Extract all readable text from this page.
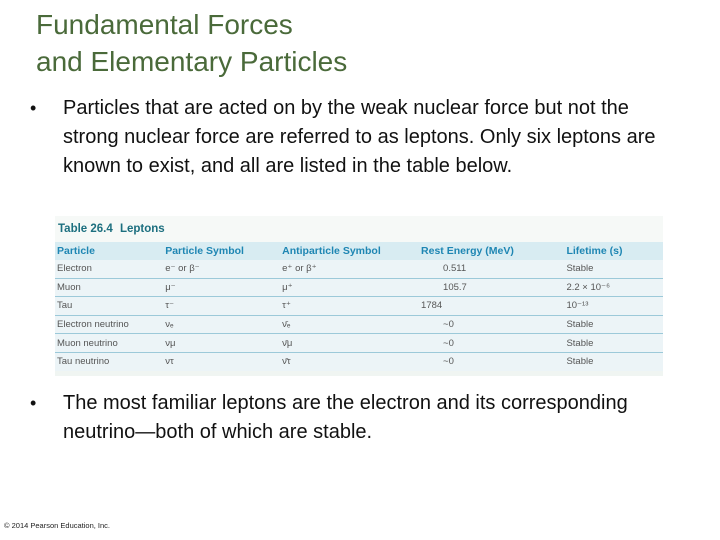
Fundamental Forces
and Elementary Particles
• Particles that are acted on by the weak nuclear force but not the strong nuclear force are referred to as leptons. Only six leptons are known to exist, and all are listed in the table below.
Table 26.4 Leptons
Particle	Particle Symbol	Antiparticle Symbol	Rest Energy (MeV)	Lifetime (s)
Electron	e⁻ or β⁻	e⁺ or β⁺	0.511	Stable
Muon	μ⁻	μ⁺	105.7	2.2 × 10⁻⁶
Tau	τ⁻	τ⁺	1784	10⁻¹³
Electron neutrino	νₑ	ν̄ₑ	~0	Stable
Muon neutrino	νμ	ν̄μ	~0	Stable
Tau neutrino	ντ	ν̄τ	~0	Stable
• The most familiar leptons are the electron and its corresponding neutrino—both of which are stable.
© 2014 Pearson Education, Inc.
